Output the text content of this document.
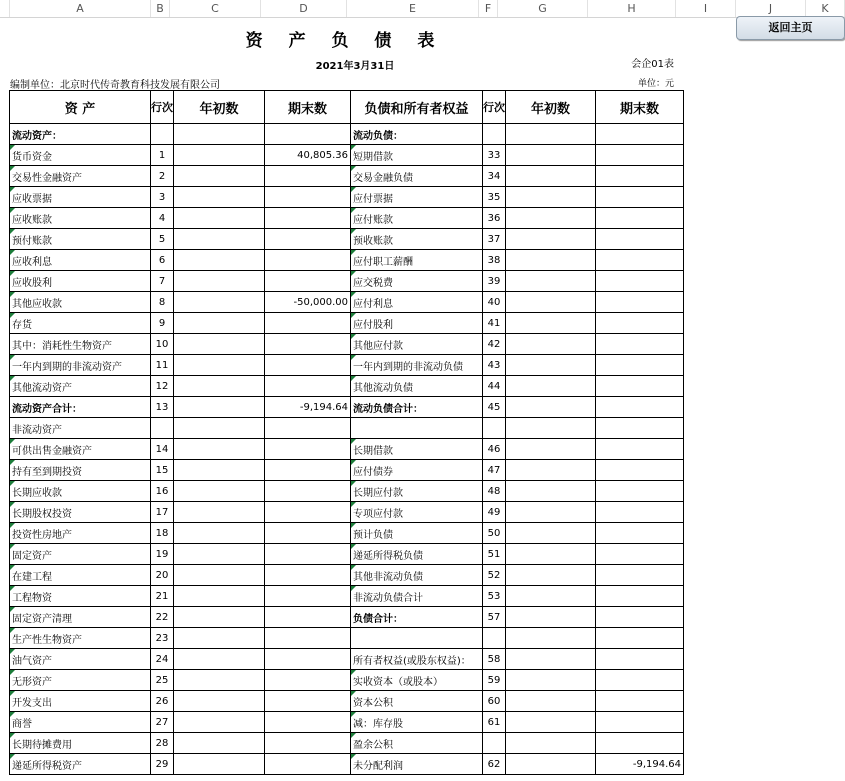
A	B	C	D	E	F	G	H	I	J	K
返回主页
资 产 负 债 表
2021年3月31日	会企01表
编制单位：北京时代传奇教育科技发展有限公司	单位：元
资 产	行次	年初数	期末数	负债和所有者权益	行次	年初数	期末数
流动资产：				流动负债：			
货币资金	1		40,805.36	短期借款	33		
交易性金融资产	2			交易金融负债	34		
应收票据	3			应付票据	35		
应收账款	4			应付账款	36		
预付账款	5			预收账款	37		
应收利息	6			应付职工薪酬	38		
应收股利	7			应交税费	39		
其他应收款	8		-50,000.00	应付利息	40		
存货	9			应付股利	41		
其中：消耗性生物资产	10			其他应付款	42		
一年内到期的非流动资产	11			一年内到期的非流动负债	43		
其他流动资产	12			其他流动负债	44		
流动资产合计：	13		-9,194.64	流动负债合计：	45		
非流动资产							
可供出售金融资产	14			长期借款	46		
持有至到期投资	15			应付债券	47		
长期应收款	16			长期应付款	48		
长期股权投资	17			专项应付款	49		
投资性房地产	18			预计负债	50		
固定资产	19			递延所得税负债	51		
在建工程	20			其他非流动负债	52		
工程物资	21			非流动负债合计	53		
固定资产清理	22			负债合计：	57		
生产性生物资产	23						
油气资产	24			所有者权益(或股东权益)：	58		
无形资产	25			实收资本（或股本）	59		
开发支出	26			资本公积	60		
商誉	27			减：库存股	61		
长期待摊费用	28			盈余公积			
递延所得税资产	29			未分配利润	62		-9,194.64
